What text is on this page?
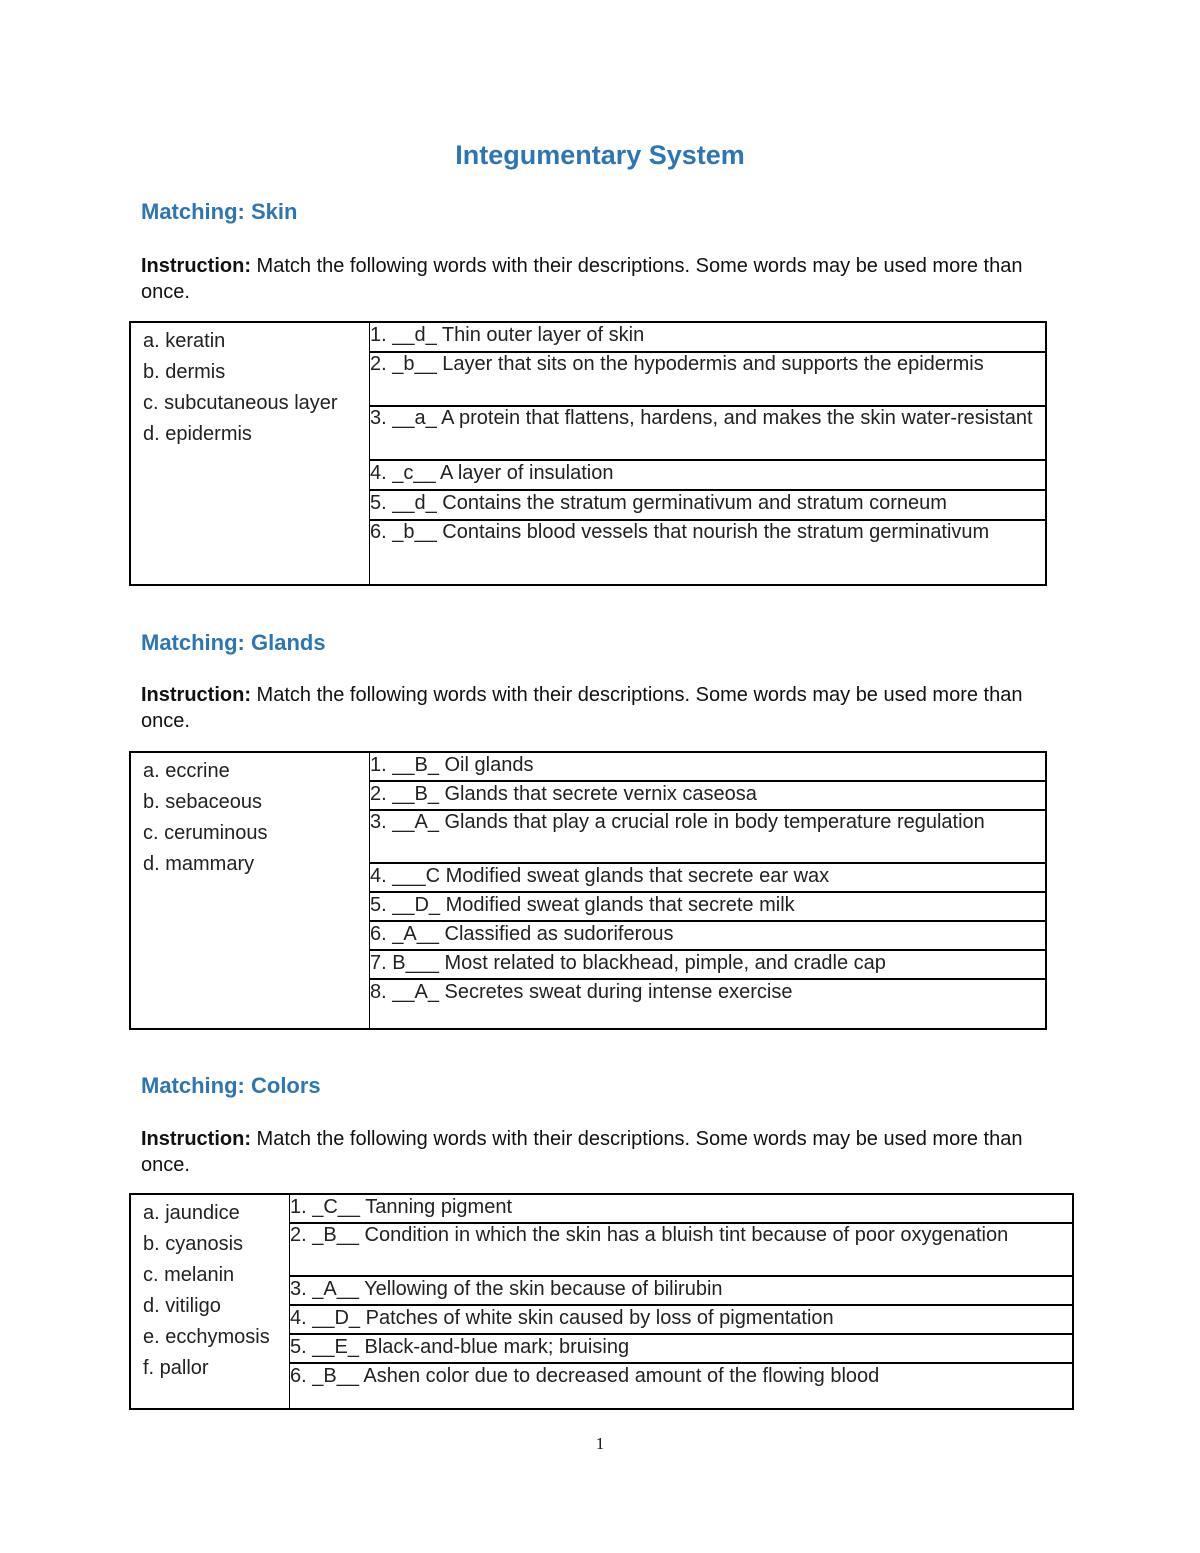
Integumentary System
Matching: Skin
Instruction: Match the following words with their descriptions. Some words may be used more than once.
a. keratin
b. dermis
c. subcutaneous layer
d. epidermis

1. __d_ Thin outer layer of skin
2. _b__ Layer that sits on the hypodermis and supports the epidermis
3. __a_ A protein that flattens, hardens, and makes the skin water-resistant
4. _c__ A layer of insulation
5. __d_ Contains the stratum germinativum and stratum corneum
6. _b__ Contains blood vessels that nourish the stratum germinativum
Matching: Glands
Instruction: Match the following words with their descriptions. Some words may be used more than once.
a. eccrine
b. sebaceous
c. ceruminous
d. mammary

1. __B_ Oil glands
2. __B_ Glands that secrete vernix caseosa
3. __A_ Glands that play a crucial role in body temperature regulation
4. ___C Modified sweat glands that secrete ear wax
5. __D_ Modified sweat glands that secrete milk
6. _A__ Classified as sudoriferous
7. B___ Most related to blackhead, pimple, and cradle cap
8. __A_ Secretes sweat during intense exercise
Matching: Colors
Instruction: Match the following words with their descriptions. Some words may be used more than once.
a. jaundice
b. cyanosis
c. melanin
d. vitiligo
e. ecchymosis
f. pallor

1. _C__ Tanning pigment
2. _B__ Condition in which the skin has a bluish tint because of poor oxygenation
3. _A__ Yellowing of the skin because of bilirubin
4. __D_ Patches of white skin caused by loss of pigmentation
5. __E_ Black-and-blue mark; bruising
6. _B__ Ashen color due to decreased amount of the flowing blood
1
